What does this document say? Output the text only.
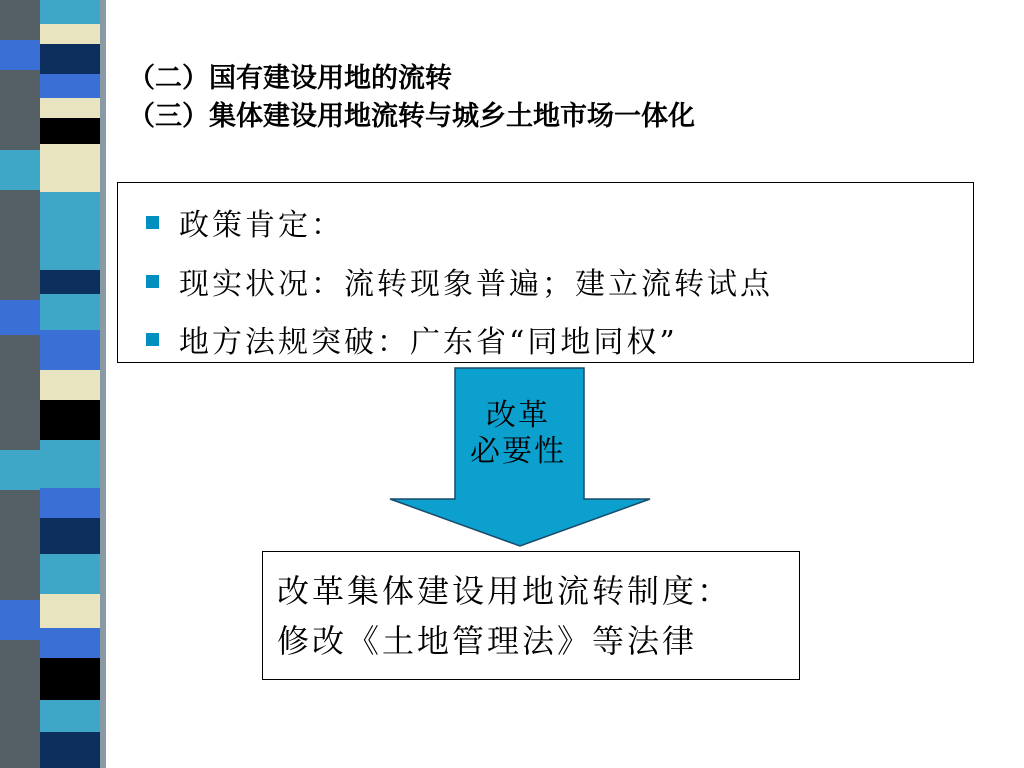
（二）国有建设用地的流转
（三）集体建设用地流转与城乡土地市场一体化
政策肯定：
现实状况：流转现象普遍；建立流转试点
地方法规突破：广东省“同地同权”
改革
必要性
改革集体建设用地流转制度：
修改《土地管理法》等法律
